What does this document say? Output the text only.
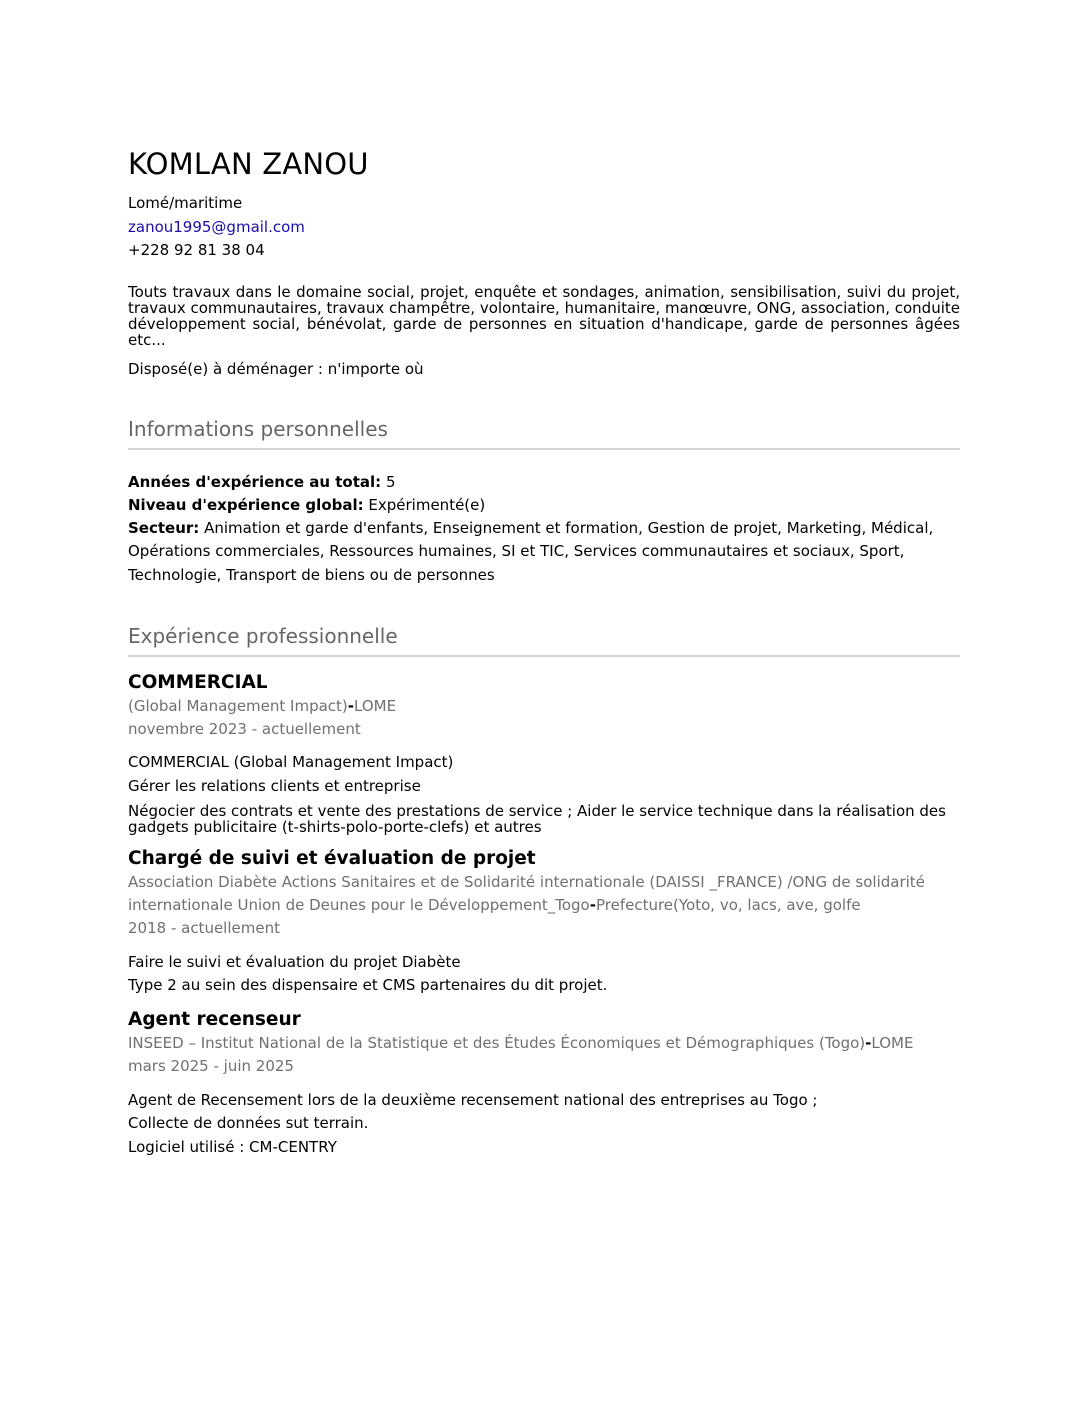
KOMLAN ZANOU
Lomé/maritime
zanou1995@gmail.com
+228 92 81 38 04
Touts travaux dans le domaine social, projet, enquête et sondages, animation, sensibilisation, suivi du projet, travaux communautaires, travaux champêtre, volontaire, humanitaire, manœuvre, ONG, association, conduite développement social, bénévolat, garde de personnes en situation d'handicape, garde de personnes âgées etc...
Disposé(e) à déménager : n'importe où
Informations personnelles
Années d'expérience au total: 5
Niveau d'expérience global: Expérimenté(e)
Secteur: Animation et garde d'enfants, Enseignement et formation, Gestion de projet, Marketing, Médical, Opérations commerciales, Ressources humaines, SI et TIC, Services communautaires et sociaux, Sport, Technologie, Transport de biens ou de personnes
Expérience professionnelle
COMMERCIAL
(Global Management Impact)-LOME
novembre 2023 - actuellement
COMMERCIAL (Global Management Impact)
Gérer les relations clients et entreprise
Négocier des contrats et vente des prestations de service ; Aider le service technique dans la réalisation des gadgets publicitaire (t-shirts-polo-porte-clefs) et autres
Chargé de suivi et évaluation de projet
Association Diabète Actions Sanitaires et de Solidarité internationale (DAISSI _FRANCE) /ONG de solidarité internationale Union de Deunes pour le Développement_Togo-Prefecture(Yoto, vo, lacs, ave, golfe
2018 - actuellement
Faire le suivi et évaluation du projet Diabète
Type 2 au sein des dispensaire et CMS partenaires du dit projet.
Agent recenseur
INSEED – Institut National de la Statistique et des Études Économiques et Démographiques (Togo)-LOME
mars 2025 - juin 2025
Agent de Recensement lors de la deuxième recensement national des entreprises au Togo ;
Collecte de données sut terrain.
Logiciel utilisé : CM-CENTRY
